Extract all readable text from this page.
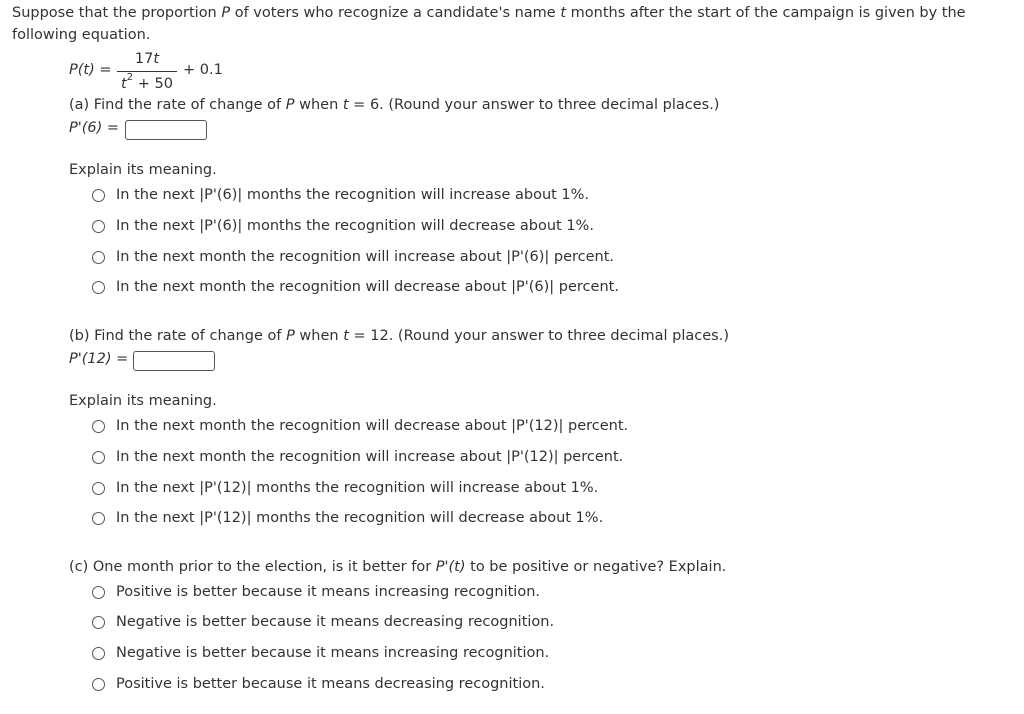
Suppose that the proportion P of voters who recognize a candidate's name t months after the start of the campaign is given by the following equation.
P(t) =
17t
$t^2 + 50$
+ 0.1
(a) Find the rate of change of P when t = 6. (Round your answer to three decimal places.)
P'(6) =
Explain its meaning.
In the next |P'(6)| months the recognition will increase about 1%.
In the next |P'(6)| months the recognition will decrease about 1%.
In the next month the recognition will increase about |P'(6)| percent.
In the next month the recognition will decrease about |P'(6)| percent.
(b) Find the rate of change of P when t = 12. (Round your answer to three decimal places.)
P'(12) =
Explain its meaning.
In the next month the recognition will decrease about |P'(12)| percent.
In the next month the recognition will increase about |P'(12)| percent.
In the next |P'(12)| months the recognition will increase about 1%.
In the next |P'(12)| months the recognition will decrease about 1%.
(c) One month prior to the election, is it better for P'(t) to be positive or negative? Explain.
Positive is better because it means increasing recognition.
Negative is better because it means decreasing recognition.
Negative is better because it means increasing recognition.
Positive is better because it means decreasing recognition.
